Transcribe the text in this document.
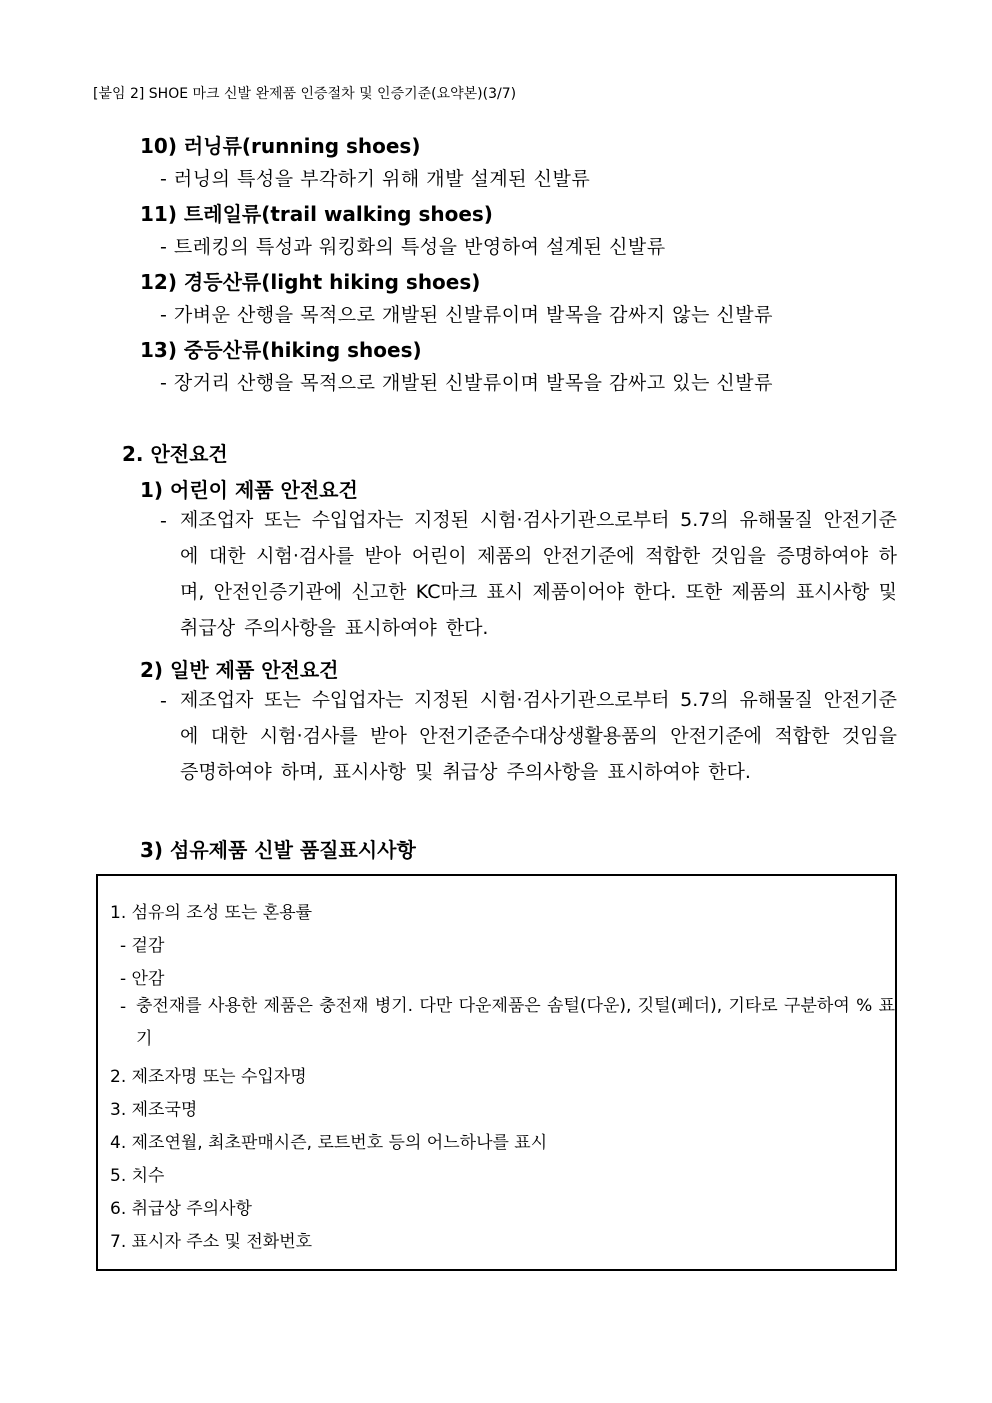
[붙임 2] SHOE 마크 신발 완제품 인증절차 및 인증기준(요약본)(3/7)
10) 러닝류(running shoes)
- 러닝의 특성을 부각하기 위해 개발 설계된 신발류
11) 트레일류(trail walking shoes)
- 트레킹의 특성과 워킹화의 특성을 반영하여 설계된 신발류
12) 경등산류(light hiking shoes)
- 가벼운 산행을 목적으로 개발된 신발류이며 발목을 감싸지 않는 신발류
13) 중등산류(hiking shoes)
- 장거리 산행을 목적으로 개발된 신발류이며 발목을 감싸고 있는 신발류
2. 안전요건
1) 어린이 제품 안전요건
- 제조업자 또는 수입업자는 지정된 시험·검사기관으로부터 5.7의 유해물질 안전기준에 대한 시험·검사를 받아 어린이 제품의 안전기준에 적합한 것임을 증명하여야 하며, 안전인증기관에 신고한 KC마크 표시 제품이어야 한다. 또한 제품의 표시사항 및 취급상 주의사항을 표시하여야 한다.

2) 일반 제품 안전요건
- 제조업자 또는 수입업자는 지정된 시험·검사기관으로부터 5.7의 유해물질 안전기준에 대한 시험·검사를 받아 안전기준준수대상생활용품의 안전기준에 적합한 것임을 증명하여야 하며, 표시사항 및 취급상 주의사항을 표시하여야 한다.

3) 섬유제품 신발 품질표시사항
1. 섬유의 조성 또는 혼용률
- 겉감
- 안감
- 충전재를 사용한 제품은 충전재 병기. 다만 다운제품은 솜털(다운), 깃털(페더), 기타로 구분하여 % 표기

2. 제조자명 또는 수입자명
3. 제조국명
4. 제조연월, 최초판매시즌, 로트번호 등의 어느하나를 표시
5. 치수
6. 취급상 주의사항
7. 표시자 주소 및 전화번호
